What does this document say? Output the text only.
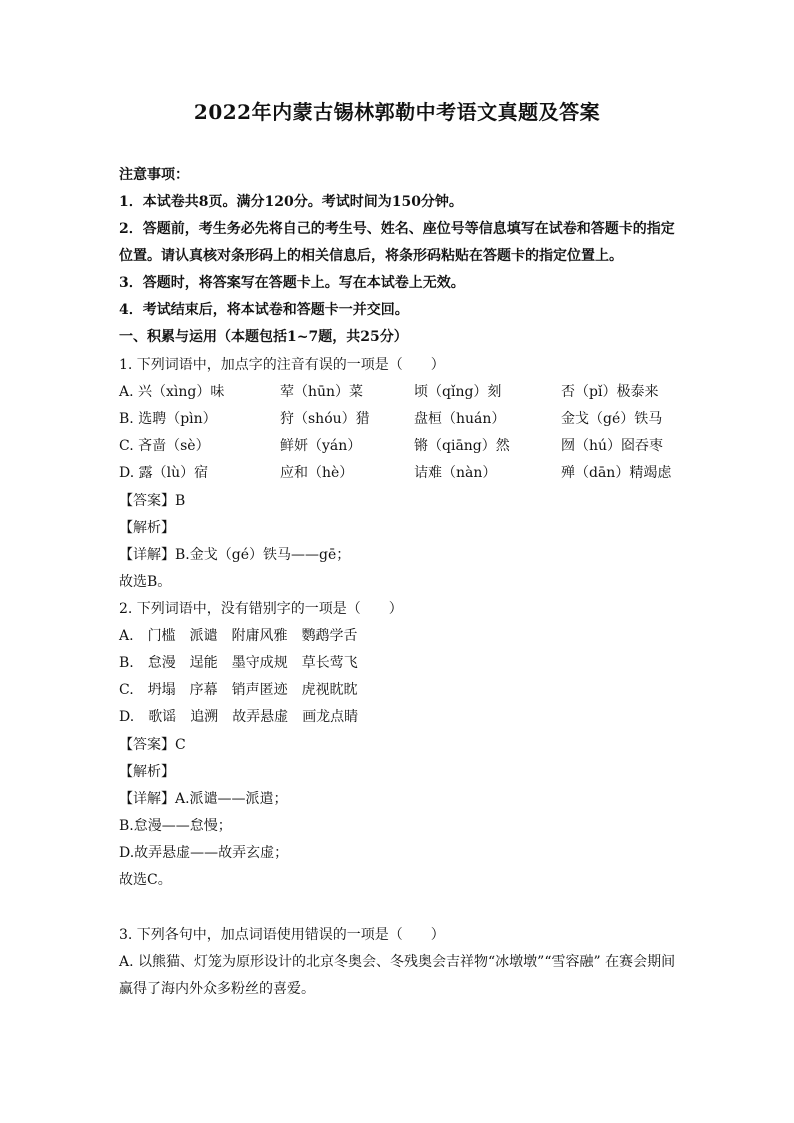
2022年内蒙古锡林郭勒中考语文真题及答案
注意事项：
1．本试卷共8页。满分120分。考试时间为150分钟。
2．答题前，考生务必先将自己的考生号、姓名、座位号等信息填写在试卷和答题卡的指定
位置。请认真核对条形码上的相关信息后，将条形码粘贴在答题卡的指定位置上。
3．答题时，将答案写在答题卡上。写在本试卷上无效。
4．考试结束后，将本试卷和答题卡一并交回。
一、积累与运用（本题包括1~7题，共25分）
1. 下列词语中，加点字的注音有误的一项是（　　）
A. 兴（xìng）味	荤（hūn）菜	顷（qǐng）刻	否（pǐ）极泰来
B. 选聘（pìn）	狩（shóu）猎	盘桓（huán）	金戈（gé）铁马
C. 吝啬（sè）	鲜妍（yán）	锵（qiāng）然	囫（hú）囵吞枣
D. 露（lù）宿	应和（hè）	诘难（nàn）	殚（dān）精竭虑
【答案】B
【解析】
【详解】B.金戈（gé）铁马——gē；
故选B。
2. 下列词语中，没有错别字的一项是（　　）
A. 门槛 派谴 附庸风雅 鹦鹉学舌
B. 怠漫 逞能 墨守成规 草长莺飞
C. 坍塌 序幕 销声匿迹 虎视眈眈
D. 歌谣 追溯 故弄悬虚 画龙点睛
【答案】C
【解析】
【详解】A.派谴——派遣；
B.怠漫——怠慢；
D.故弄悬虚——故弄玄虚；
故选C。
3. 下列各句中，加点词语使用错误的一项是（　　）
A. 以熊猫、灯笼为原形设计的北京冬奥会、冬残奥会吉祥物“冰墩墩”“雪容融” 在赛会期间赢得了海内外众多粉丝的喜爱。
